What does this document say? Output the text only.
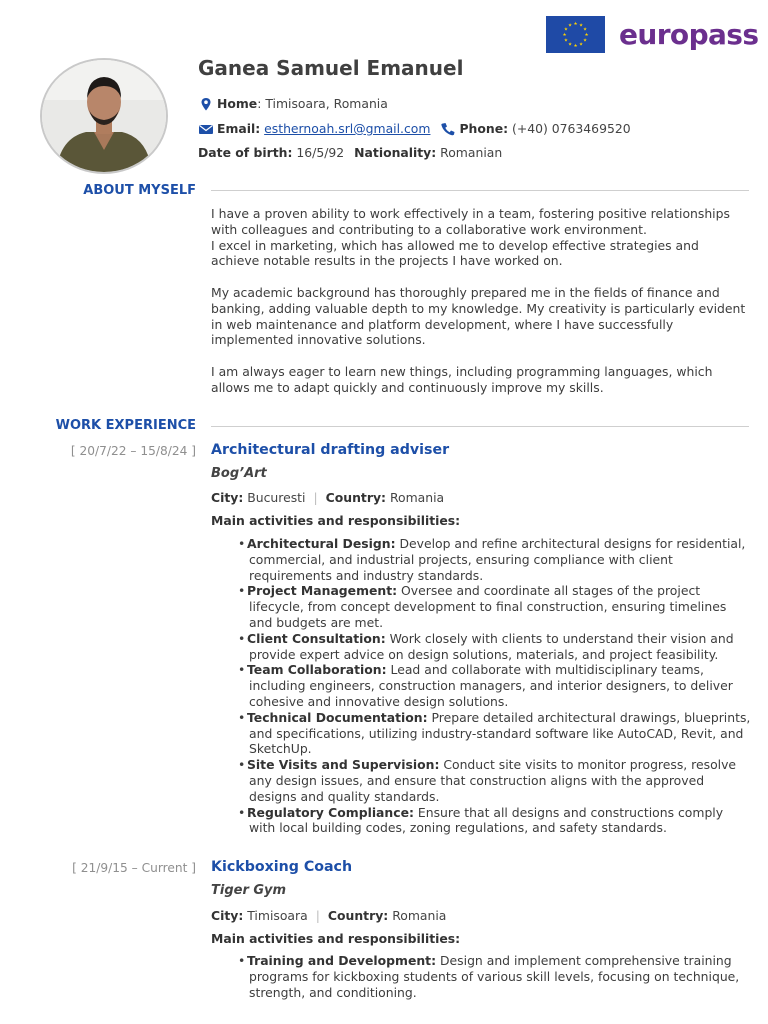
★ ★
★
★
★
★
★
★
★
★
★
★ europass
Ganea Samuel Emanuel
Home : Timisoara, Romania
Email:
esthernoah.srl@gmail.com Phone:
(+40) 0763469520
Date of birth:
16/5/92 Nationality:
Romanian
ABOUT MYSELF

I have a proven ability to work effectively in a team, fostering positive relationships with colleagues and contributing to a collaborative work environment.

I excel in marketing, which has allowed me to develop effective strategies and achieve notable results in the projects I have worked on.

My academic background has thoroughly prepared me in the fields of finance and banking, adding valuable depth to my knowledge. My creativity is particularly evident in web maintenance and platform development, where I have successfully implemented innovative solutions.

I am always eager to learn new things, including programming languages, which allows me to adapt quickly and continuously improve my skills.

WORK EXPERIENCE
[ 20/7/22 – 15/8/24 ] Architectural drafting adviser
Bog’Art
City: Bucuresti | Country: Romania
Main activities and responsibilities:
• Architectural Design: Develop and refine architectural designs for residential, commercial, and industrial projects, ensuring compliance with client requirements and industry standards.
• Project Management: Oversee and coordinate all stages of the project lifecycle, from concept development to final construction, ensuring timelines and budgets are met.
• Client Consultation: Work closely with clients to understand their vision and provide expert advice on design solutions, materials, and project feasibility.
• Team Collaboration: Lead and collaborate with multidisciplinary teams, including engineers, construction managers, and interior designers, to deliver cohesive and innovative design solutions.
• Technical Documentation: Prepare detailed architectural drawings, blueprints, and specifications, utilizing industry-standard software like AutoCAD, Revit, and SketchUp.
• Site Visits and Supervision: Conduct site visits to monitor progress, resolve any design issues, and ensure that construction aligns with the approved designs and quality standards.
• Regulatory Compliance: Ensure that all designs and constructions comply with local building codes, zoning regulations, and safety standards.
[ 21/9/15 – Current ] Kickboxing Coach
Tiger Gym
City: Timisoara | Country: Romania
Main activities and responsibilities:
• Training and Development: Design and implement comprehensive training programs for kickboxing students of various skill levels, focusing on technique, strength, and conditioning.
